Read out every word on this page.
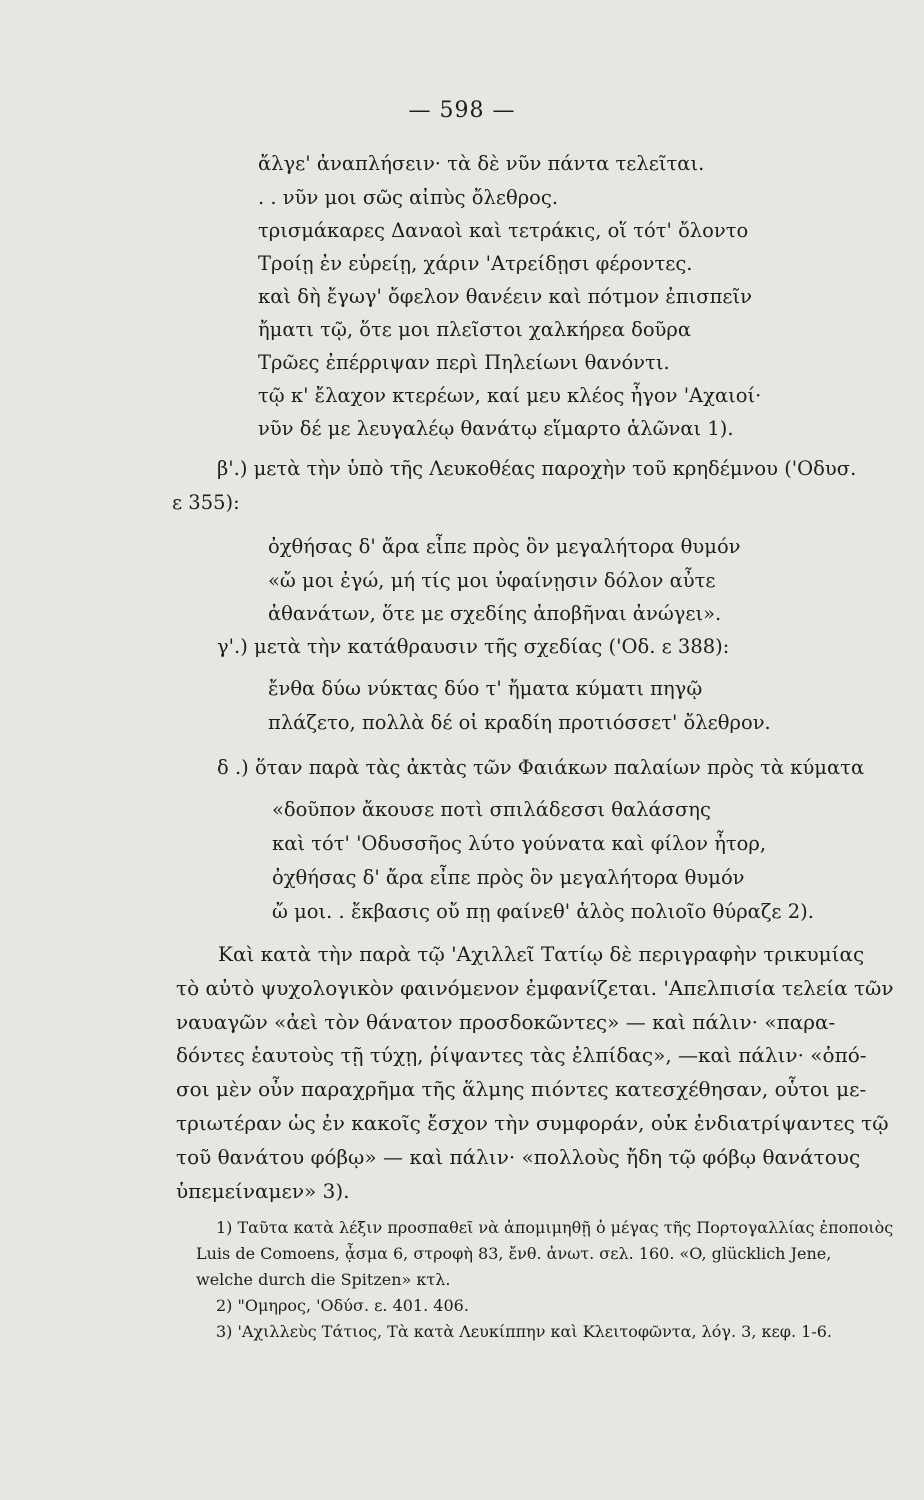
— 598 —
ἄλγε' ἀναπλήσειν· τὰ δὲ νῦν πάντα τελεῖται.
. . νῦν μοι σῶς αἰπὺς ὄλεθρος.
τρισμάκαρες Δαναοὶ καὶ τετράκις, οἵ τότ' ὄλοντο
Τροίῃ ἐν εὐρείῃ, χάριν 'Ατρείδῃσι φέροντες.
καὶ δὴ ἔγωγ' ὄφελον θανέειν καὶ πότμον ἐπισπεῖν
ἤματι τῷ, ὅτε μοι πλεῖστοι χαλκήρεα δοῦρα
Τρῶες ἐπέρριψαν περὶ Πηλείωνι θανόντι.
τῷ κ' ἔλαχον κτερέων, καί μευ κλέος ἦγον 'Αχαιοί·
νῦν δέ με λευγαλέῳ θανάτῳ εἵμαρτο ἁλῶναι 1).
β'.) μετὰ τὴν ὑπὸ τῆς Λευκοθέας παροχὴν τοῦ κρηδέμνου ('Οδυσ.
ε 355):
ὀχθήσας δ' ἄρα εἶπε πρὸς ὃν μεγαλήτορα θυμόν
«ὤ μοι ἐγώ, μή τίς μοι ὑφαίνῃσιν δόλον αὖτε
ἀθανάτων, ὅτε με σχεδίης ἀποβῆναι ἀνώγει».
γ'.) μετὰ τὴν κατάθραυσιν τῆς σχεδίας ('Οδ. ε 388):
ἔνθα δύω νύκτας δύο τ' ἤματα κύματι πηγῷ
πλάζετο, πολλὰ δέ οἱ κραδίη προτιόσσετ' ὄλεθρον.
δ .) ὅταν παρὰ τὰς ἀκτὰς τῶν Φαιάκων παλαίων πρὸς τὰ κύματα
«δοῦπον ἄκουσε ποτὶ σπιλάδεσσι θαλάσσης
καὶ τότ' 'Οδυσσῆος λύτο γούνατα καὶ φίλον ἦτορ,
ὀχθήσας δ' ἄρα εἶπε πρὸς ὃν μεγαλήτορα θυμόν
ὤ μοι. . ἔκβασις οὔ πῃ φαίνεθ' ἁλὸς πολιοῖο θύραζε 2).
Καὶ κατὰ τὴν παρὰ τῷ 'Αχιλλεῖ Τατίῳ δὲ περιγραφὴν τρικυμίας
τὸ αὐτὸ ψυχολογικὸν φαινόμενον ἐμφανίζεται. 'Απελπισία τελεία τῶν
ναυαγῶν «ἀεὶ τὸν θάνατον προσδοκῶντες» — καὶ πάλιν· «παρα-
δόντες ἑαυτοὺς τῇ τύχῃ, ῥίψαντες τὰς ἐλπίδας», —καὶ πάλιν· «ὁπό-
σοι μὲν οὖν παραχρῆμα τῆς ἅλμης πιόντες κατεσχέθησαν, οὗτοι με-
τριωτέραν ὡς ἐν κακοῖς ἔσχον τὴν συμφοράν, οὐκ ἐνδιατρίψαντες τῷ
τοῦ θανάτου φόβῳ» — καὶ πάλιν· «πολλοὺς ἤδη τῷ φόβῳ θανάτους
ὑπεμείναμεν» 3).
1) Ταῦτα κατὰ λέξιν προσπαθεῖ νὰ ἀπομιμηθῇ ὁ μέγας τῆς Πορτογαλλίας ἐποποιὸς
Luis de Comoens, ᾆσμα 6, στροφὴ 83, ἔνθ. ἀνωτ. σελ. 160. «O, glücklich Jene,
welche durch die Spitzen» κτλ.
2) "Ομηρος, 'Οδύσ. ε. 401. 406.
3) 'Αχιλλεὺς Τάτιος, Τὰ κατὰ Λευκίππην καὶ Κλειτοφῶντα, λόγ. 3, κεφ. 1-6.
